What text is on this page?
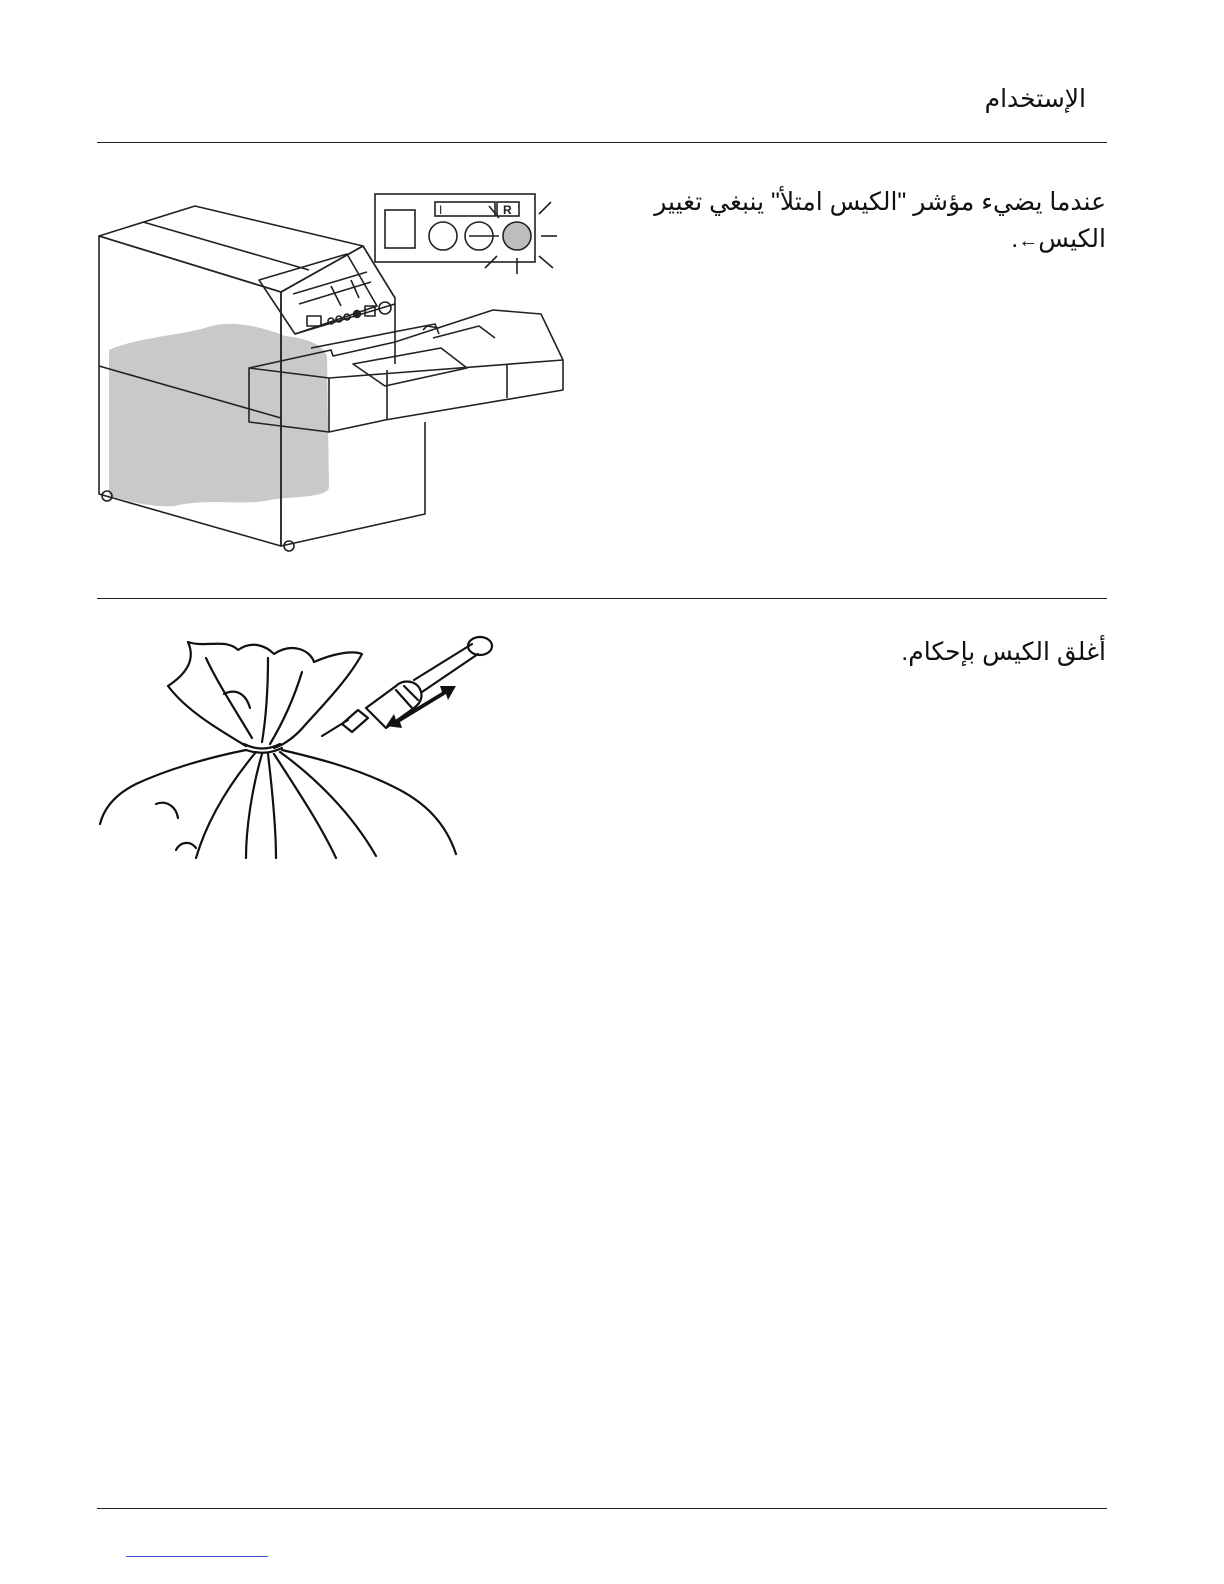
الإستخدام
عندما يضيء مؤشر "الكيس امتلأ" ينبغي تغيير
الكيس←.
I	R
أغلق الكيس بإحكام.
